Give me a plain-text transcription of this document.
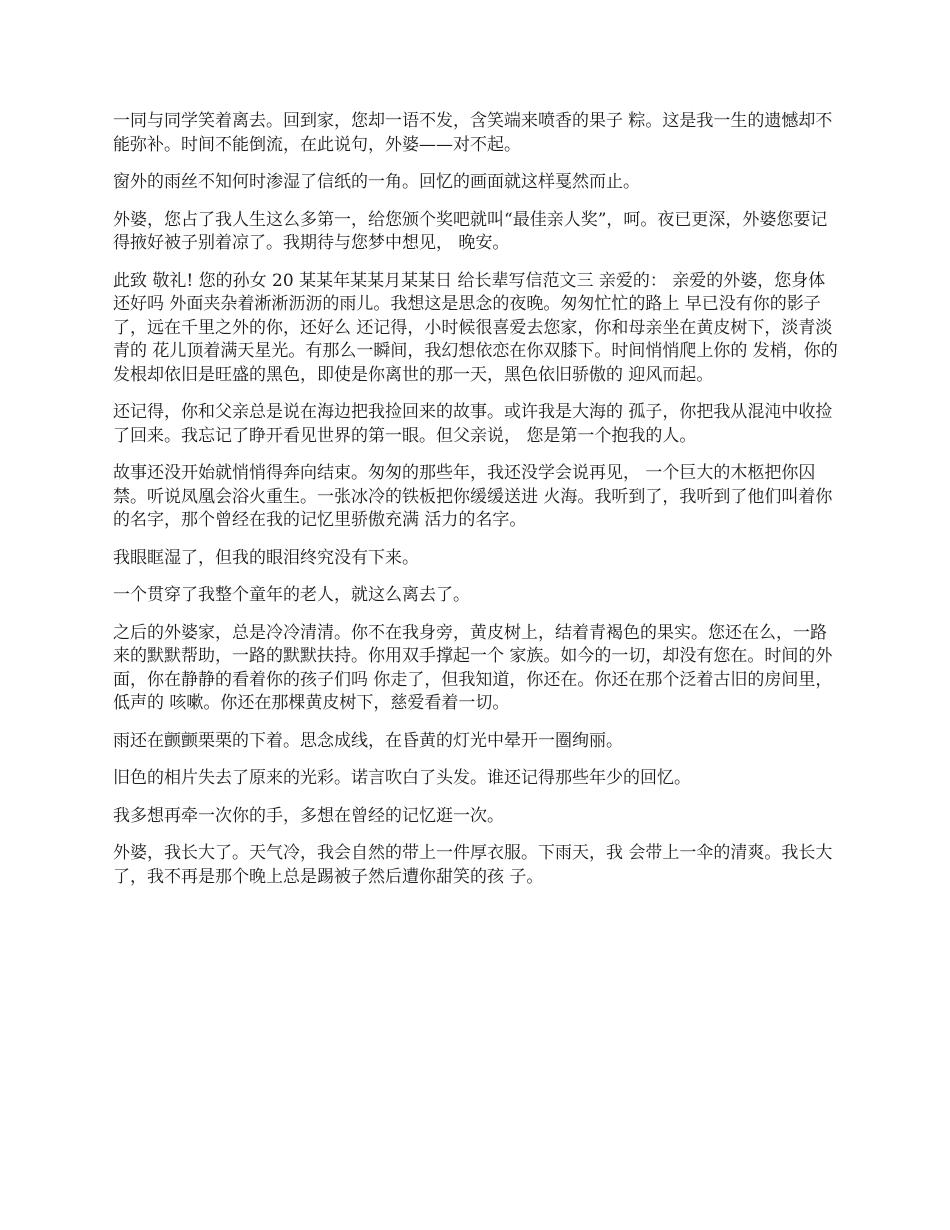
一同与同学笑着离去。回到家，您却一语不发，含笑端来喷香的果子 粽。这是我一生的遗憾却不能弥补。时间不能倒流，在此说句，外婆——对不起。

窗外的雨丝不知何时渗湿了信纸的一角。回忆的画面就这样戛然而止。

外婆，您占了我人生这么多第一，给您颁个奖吧就叫“最佳亲人奖”，呵。夜已更深，外婆您要记得掖好被子别着凉了。我期待与您梦中想见， 晚安。

此致 敬礼! 您的孙女 20 某某年某某月某某日 给长辈写信范文三 亲爱的： 亲爱的外婆，您身体还好吗 外面夹杂着淅淅沥沥的雨儿。我想这是思念的夜晚。匆匆忙忙的路上 早已没有你的影子了，远在千里之外的你，还好么 还记得，小时候很喜爱去您家，你和母亲坐在黄皮树下，淡青淡青的 花儿顶着满天星光。有那么一瞬间，我幻想依恋在你双膝下。时间悄悄爬上你的 发梢，你的发根却依旧是旺盛的黑色，即使是你离世的那一天，黑色依旧骄傲的 迎风而起。

还记得，你和父亲总是说在海边把我捡回来的故事。或许我是大海的 孤子，你把我从混沌中收捡了回来。我忘记了睁开看见世界的第一眼。但父亲说， 您是第一个抱我的人。

故事还没开始就悄悄得奔向结束。匆匆的那些年，我还没学会说再见， 一个巨大的木柩把你囚禁。听说凤凰会浴火重生。一张冰冷的铁板把你缓缓送进 火海。我听到了，我听到了他们叫着你的名字，那个曾经在我的记忆里骄傲充满 活力的名字。

我眼眶湿了，但我的眼泪终究没有下来。

一个贯穿了我整个童年的老人，就这么离去了。

之后的外婆家，总是冷冷清清。你不在我身旁，黄皮树上，结着青褐色的果实。您还在么，一路来的默默帮助，一路的默默扶持。你用双手撑起一个 家族。如今的一切，却没有您在。时间的外面，你在静静的看着你的孩子们吗 你走了，但我知道，你还在。你还在那个泛着古旧的房间里，低声的 咳嗽。你还在那棵黄皮树下，慈爱看着一切。

雨还在颤颤栗栗的下着。思念成线，在昏黄的灯光中晕开一圈绚丽。

旧色的相片失去了原来的光彩。诺言吹白了头发。谁还记得那些年少的回忆。

我多想再牵一次你的手，多想在曾经的记忆逛一次。

外婆，我长大了。天气冷，我会自然的带上一件厚衣服。下雨天，我 会带上一伞的清爽。我长大了，我不再是那个晚上总是踢被子然后遭你甜笑的孩 子。
